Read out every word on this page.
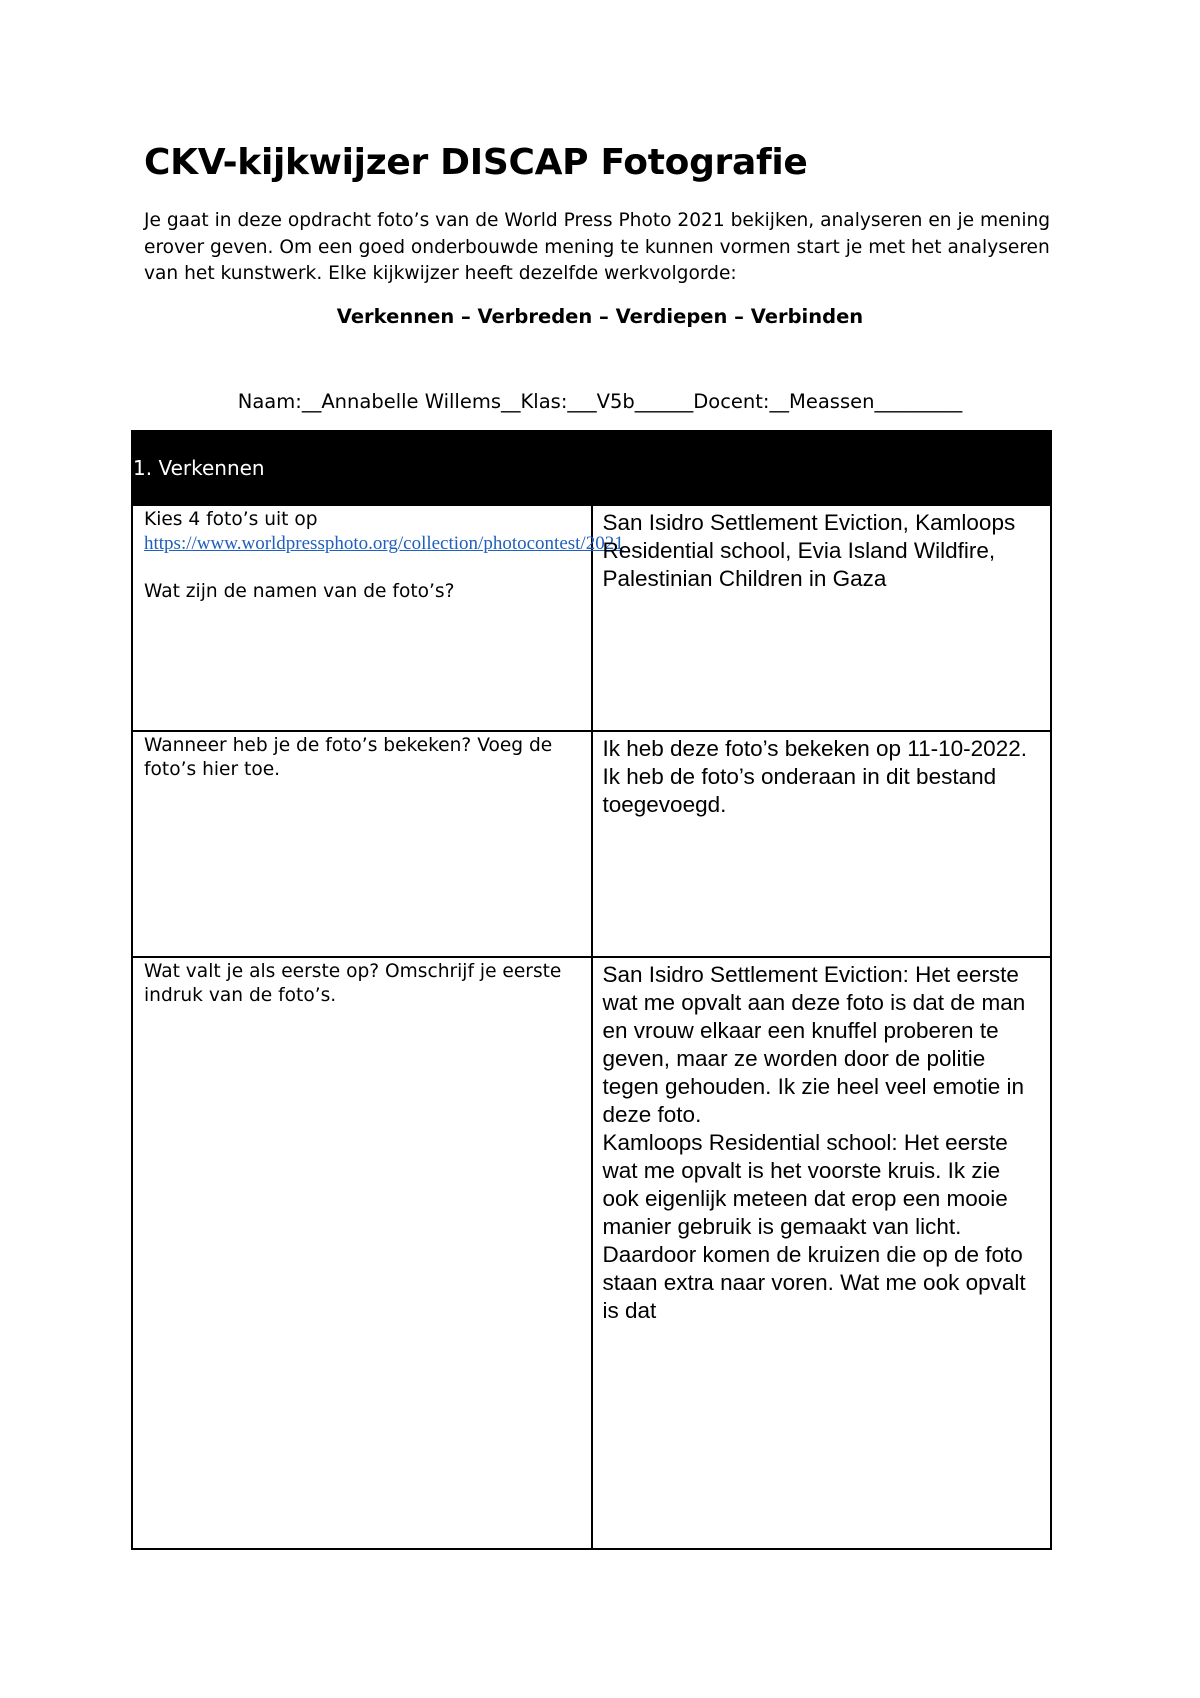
CKV-kijkwijzer DISCAP Fotografie

Je gaat in deze opdracht foto’s van de World Press Photo 2021 bekijken, analyseren en je mening erover geven. Om een goed onderbouwde mening te kunnen vormen start je met het analyseren van het kunstwerk. Elke kijkwijzer heeft dezelfde werkvolgorde:

Verkennen – Verbreden – Verdiepen – Verbinden

Naam:__Annabelle Willems__Klas:___V5b______Docent:__Meassen_________

1. Verkennen	

Kies 4 foto’s uit op
https://www.worldpressphoto.org/collection/photocontest/2021
Wat zijn de namen van de foto’s?	San Isidro Settlement Eviction, Kamloops Residential school, Evia Island Wildfire, Palestinian Children in Gaza
Wanneer heb je de foto’s bekeken? Voeg de foto’s hier toe.	Ik heb deze foto’s bekeken op 11-10-2022. Ik heb de foto’s onderaan in dit bestand toegevoegd.
Wat valt je als eerste op? Omschrijf je eerste indruk van de foto’s.	San Isidro Settlement Eviction: Het eerste wat me opvalt aan deze foto is dat de man en vrouw elkaar een knuffel proberen te geven, maar ze worden door de politie tegen gehouden. Ik zie heel veel emotie in deze foto.
Kamloops Residential school: Het eerste wat me opvalt is het voorste kruis. Ik zie ook eigenlijk meteen dat erop een mooie manier gebruik is gemaakt van licht. Daardoor komen de kruizen die op de foto staan extra naar voren. Wat me ook opvalt is dat
